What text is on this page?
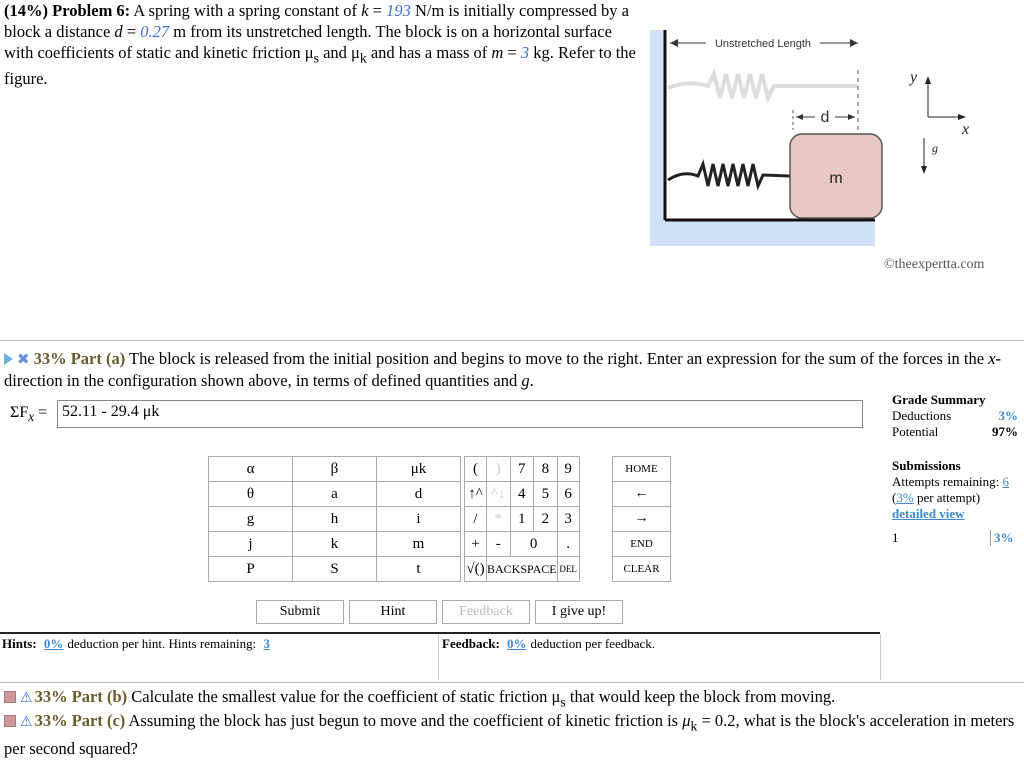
(14%) Problem 6: A spring with a spring constant of k = 193 N/m is initially compressed by a block a distance d = 0.27 m from its unstretched length. The block is on a horizontal surface with coefficients of static and kinetic friction $\mu_s$ and $\mu_k$ and has a mass of m = 3 kg. Refer to the figure.
Unstretched Length
d
m
y
x
g
©theexpertta.com
✖ 33% Part (a) The block is released from the initial position and begins to move to the right. Enter an expression for the sum of the forces in the x-direction in the configuration shown above, in terms of defined quantities and g.
$\Sigma F_x = 52.11 - 29.4$ μk
Grade Summary
Deductions	3%
Potential	97%
Submissions
Attempts remaining: 6
(3% per attempt)
detailed view
1	3%
α	β	μk
θ	a	d
g	h	i
j	k	m
P	S	t
(	)	7	8	9
↑^	^↓	4	5	6
/	*	1	2	3
+	-	0		.
√()	BACKSPACE			DEL
HOME
←
→
END
CLEAR
Submit	Hint	Feedback	I give up!
Hints: 0% deduction per hint. Hints remaining: 3	Feedback: 0% deduction per feedback.
⚠ 33% Part (b) Calculate the smallest value for the coefficient of static friction $\mu_s$ that would keep the block from moving.
⚠ 33% Part (c) Assuming the block has just begun to move and the coefficient of kinetic friction is $\mu_k = 0.2$, what is the block's acceleration in meters per second squared?
